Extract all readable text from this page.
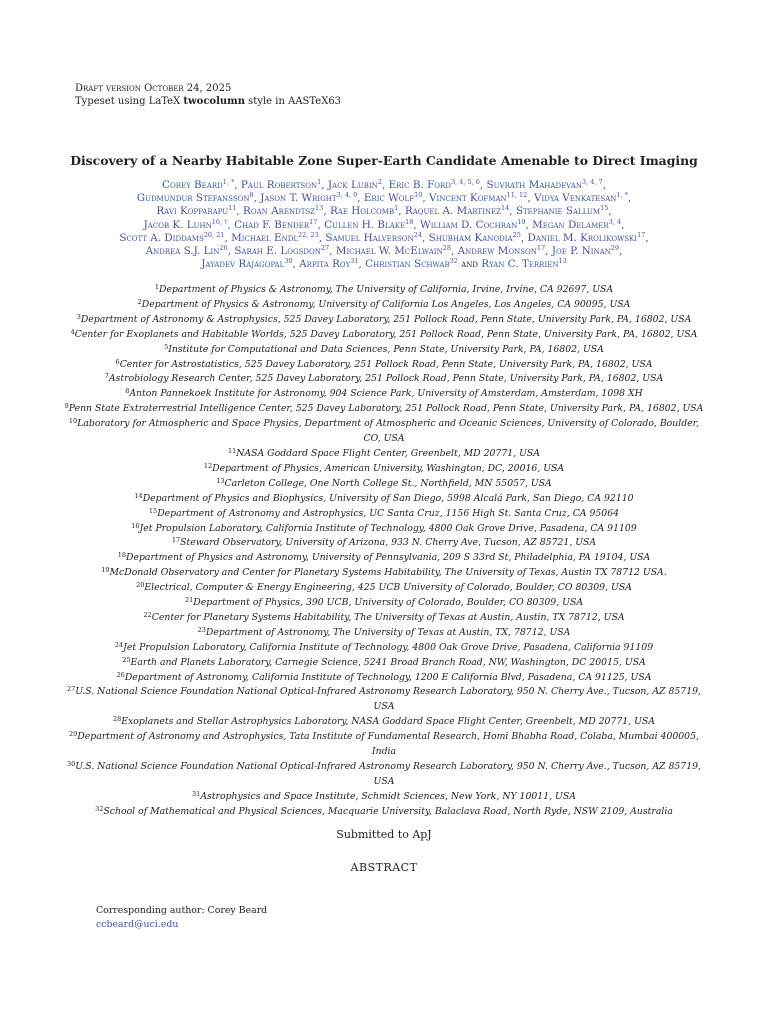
Draft version October 24, 2025
Typeset using LaTeX twocolumn style in AASTeX63
Discovery of a Nearby Habitable Zone Super-Earth Candidate Amenable to Direct Imaging
Corey Beard$^{1, *}$, Paul Robertson$^1$, Jack Lubin$^2$, Eric B. Ford$^{3, 4, 5, 6}$, Suvrath Mahadevan$^{3, 4, 7}$,
Gudmundur Stefansson$^8$, Jason T. Wright$^{3, 4, 9}$, Eric Wolf$^{10}$, Vincent Kofman$^{11, 12}$, Vidya Venkatesan$^{1, *}$,
Ravi Kopparapu$^{11}$, Roan Arendtsz$^{13}$, Rae Holcomb$^1$, Raquel A. Martinez$^{14}$, Stephanie Sallum$^{15}$,
Jacob K. Luhn$^{16, \dagger}$, Chad F. Bender$^{17}$, Cullen H. Blake$^{18}$, William D. Cochran$^{19}$, Megan Delamer$^{3, 4}$,
Scott A. Diddams$^{20, 21}$, Michael Endl$^{22, 23}$, Samuel Halverson$^{24}$, Shubham Kanodia$^{25}$, Daniel M. Krolikowski$^{17}$,
Andrea S.J. Lin$^{26}$, Sarah E. Logsdon$^{27}$, Michael W. McElwain$^{28}$, Andrew Monson$^{17}$, Joe P. Ninan$^{29}$,
Jayadev Rajagopal$^{30}$, Arpita Roy$^{31}$, Christian Schwab$^{32}$ and Ryan C. Terrien$^{13}$
$^1$Department of Physics & Astronomy, The University of California, Irvine, Irvine, CA 92697, USA
$^2$Department of Physics & Astronomy, University of California Los Angeles, Los Angeles, CA 90095, USA
$^3$Department of Astronomy & Astrophysics, 525 Davey Laboratory, 251 Pollock Road, Penn State, University Park, PA, 16802, USA
$^4$Center for Exoplanets and Habitable Worlds, 525 Davey Laboratory, 251 Pollock Road, Penn State, University Park, PA, 16802, USA
$^5$Institute for Computational and Data Sciences, Penn State, University Park, PA, 16802, USA
$^6$Center for Astrostatistics, 525 Davey Laboratory, 251 Pollock Road, Penn State, University Park, PA, 16802, USA
$^7$Astrobiology Research Center, 525 Davey Laboratory, 251 Pollock Road, Penn State, University Park, PA, 16802, USA
$^8$Anton Pannekoek Institute for Astronomy, 904 Science Park, University of Amsterdam, Amsterdam, 1098 XH
$^9$Penn State Extraterrestrial Intelligence Center, 525 Davey Laboratory, 251 Pollock Road, Penn State, University Park, PA, 16802, USA
$^{10}$Laboratory for Atmospheric and Space Physics, Department of Atmospheric and Oceanic Sciences, University of Colorado, Boulder,
CO, USA
$^{11}$NASA Goddard Space Flight Center, Greenbelt, MD 20771, USA
$^{12}$Department of Physics, American University, Washington, DC, 20016, USA
$^{13}$Carleton College, One North College St., Northfield, MN 55057, USA
$^{14}$Department of Physics and Biophysics, University of San Diego, 5998 Alcalá Park, San Diego, CA 92110
$^{15}$Department of Astronomy and Astrophysics, UC Santa Cruz, 1156 High St. Santa Cruz, CA 95064
$^{16}$Jet Propulsion Laboratory, California Institute of Technology, 4800 Oak Grove Drive, Pasadena, CA 91109
$^{17}$Steward Observatory, University of Arizona, 933 N. Cherry Ave, Tucson, AZ 85721, USA
$^{18}$Department of Physics and Astronomy, University of Pennsylvania, 209 S 33rd St, Philadelphia, PA 19104, USA
$^{19}$McDonald Observatory and Center for Planetary Systems Habitability, The University of Texas, Austin TX 78712 USA.
$^{20}$Electrical, Computer & Energy Engineering, 425 UCB University of Colorado, Boulder, CO 80309, USA
$^{21}$Department of Physics, 390 UCB, University of Colorado, Boulder, CO 80309, USA
$^{22}$Center for Planetary Systems Habitability, The University of Texas at Austin, Austin, TX 78712, USA
$^{23}$Department of Astronomy, The University of Texas at Austin, TX, 78712, USA
$^{24}$Jet Propulsion Laboratory, California Institute of Technology, 4800 Oak Grove Drive, Pasadena, California 91109
$^{25}$Earth and Planets Laboratory, Carnegie Science, 5241 Broad Branch Road, NW, Washington, DC 20015, USA
$^{26}$Department of Astronomy, California Institute of Technology, 1200 E California Blvd, Pasadena, CA 91125, USA
$^{27}$U.S. National Science Foundation National Optical-Infrared Astronomy Research Laboratory, 950 N. Cherry Ave., Tucson, AZ 85719,
USA
$^{28}$Exoplanets and Stellar Astrophysics Laboratory, NASA Goddard Space Flight Center, Greenbelt, MD 20771, USA
$^{29}$Department of Astronomy and Astrophysics, Tata Institute of Fundamental Research, Homi Bhabha Road, Colaba, Mumbai 400005,
India
$^{30}$U.S. National Science Foundation National Optical-Infrared Astronomy Research Laboratory, 950 N. Cherry Ave., Tucson, AZ 85719,
USA
$^{31}$Astrophysics and Space Institute, Schmidt Sciences, New York, NY 10011, USA
$^{32}$School of Mathematical and Physical Sciences, Macquarie University, Balaclava Road, North Ryde, NSW 2109, Australia
Submitted to ApJ
ABSTRACT
Corresponding author: Corey Beard
ccbeard@uci.edu
